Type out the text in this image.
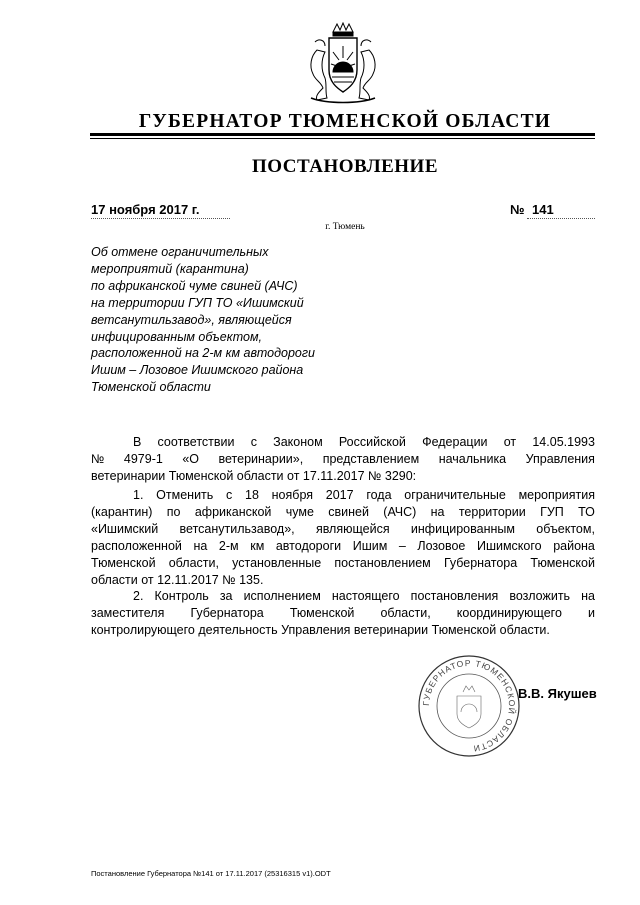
ГУБЕРНАТОР ТЮМЕНСКОЙ ОБЛАСТИ
ПОСТАНОВЛЕНИЕ
17 ноября 2017 г.	№ 141
г. Тюмень
Об отмене ограничительных
мероприятий (карантина)
по африканской чуме свиней (АЧС)
на территории ГУП ТО «Ишимский
ветсанутильзавод», являющейся
инфицированным объектом,
расположенной на 2-м км автодороги
Ишим – Лозовое Ишимского района
Тюменской области
В соответствии с Законом Российской Федерации от 14.05.1993
№ 4979-1 «О ветеринарии», представлением начальника Управления
ветеринарии Тюменской области от 17.11.2017 № 3290:
1. Отменить с 18 ноября 2017 года ограничительные мероприятия
(карантин) по африканской чуме свиней (АЧС) на территории ГУП ТО
«Ишимский ветсанутильзавод», являющейся инфицированным объектом,
расположенной на 2-м км автодороги Ишим – Лозовое Ишимского района
Тюменской области, установленные постановлением Губернатора Тюменской
области от 12.11.2017 № 135.
2. Контроль за исполнением настоящего постановления возложить на
заместителя Губернатора Тюменской области, координирующего и
контролирующего деятельность Управления ветеринарии Тюменской области.
ГУБЕРНАТОР ТЮМЕНСКОЙ ОБЛАСТИ
В.В. Якушев
Постановление Губернатора №141 от 17.11.2017 (25316315 v1).ODT
